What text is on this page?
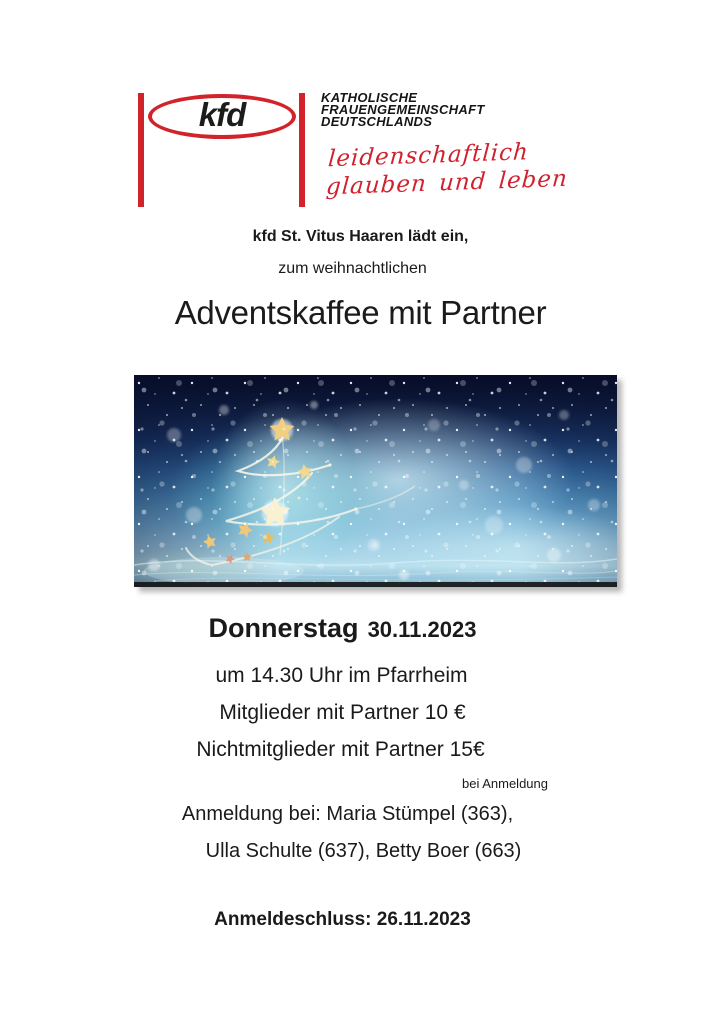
kfd	KATHOLISCHE
FRAUENGEMEINSCHAFT
DEUTSCHLANDS
leidenschaftlich
glauben und leben
kfd St. Vitus Haaren lädt ein,
zum weihnachtlichen
Adventskaffee mit Partner
Donnerstag 30.11.2023
um 14.30 Uhr im Pfarrheim
Mitglieder mit Partner 10 €
Nichtmitglieder mit Partner 15€
bei Anmeldung
Anmeldung bei: Maria Stümpel (363),
Ulla Schulte (637), Betty Boer (663)
Anmeldeschluss: 26.11.2023
